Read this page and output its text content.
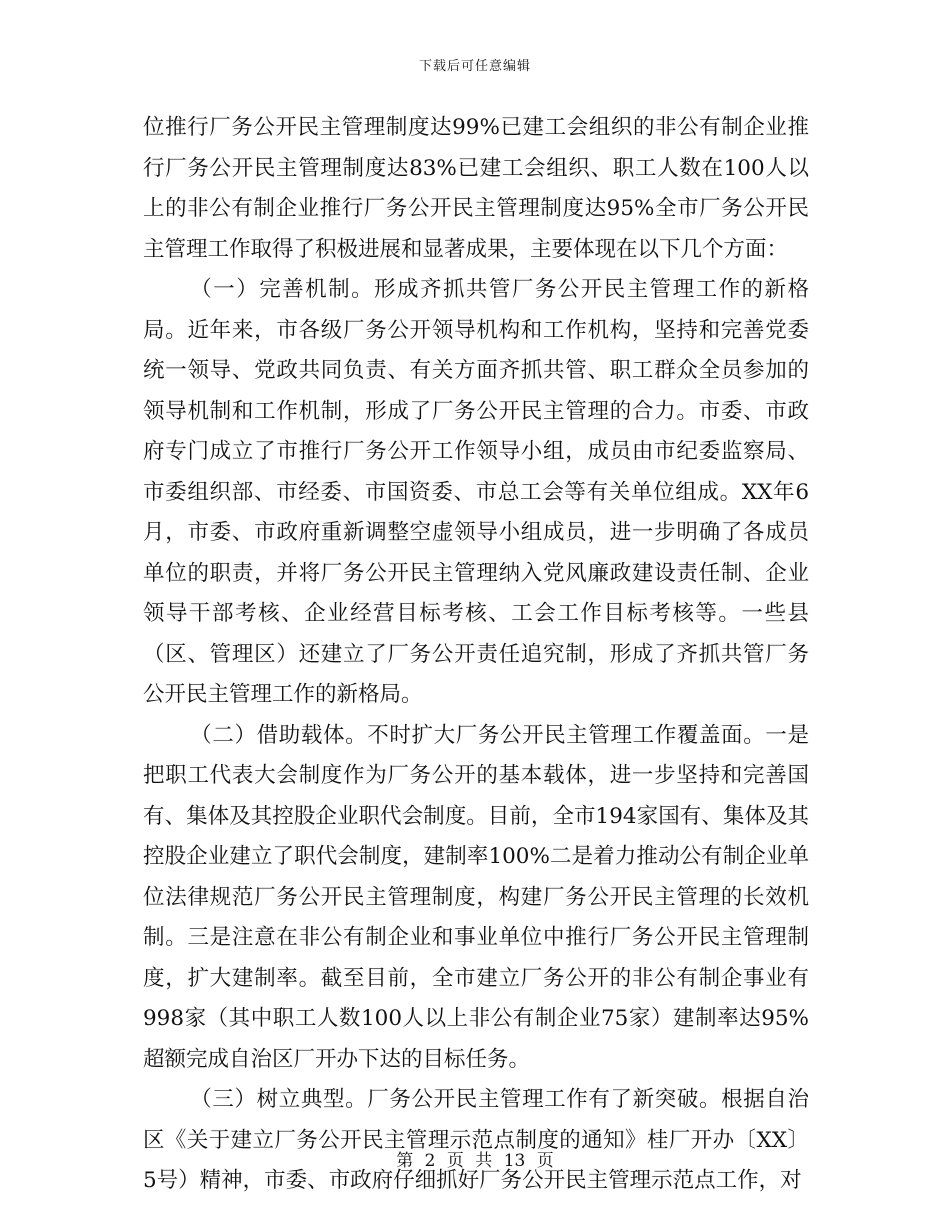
下载后可任意编辑

位推行厂务公开民主管理制度达99%已建工会组织的非公有制企业推行厂务公开民主管理制度达83%已建工会组织、职工人数在100人以上的非公有制企业推行厂务公开民主管理制度达95%全市厂务公开民主管理工作取得了积极进展和显著成果，主要体现在以下几个方面：

（一）完善机制。形成齐抓共管厂务公开民主管理工作的新格局。近年来，市各级厂务公开领导机构和工作机构，坚持和完善党委统一领导、党政共同负责、有关方面齐抓共管、职工群众全员参加的领导机制和工作机制，形成了厂务公开民主管理的合力。市委、市政府专门成立了市推行厂务公开工作领导小组，成员由市纪委监察局、市委组织部、市经委、市国资委、市总工会等有关单位组成。XX年6月，市委、市政府重新调整空虚领导小组成员，进一步明确了各成员单位的职责，并将厂务公开民主管理纳入党风廉政建设责任制、企业领导干部考核、企业经营目标考核、工会工作目标考核等。一些县（区、管理区）还建立了厂务公开责任追究制，形成了齐抓共管厂务公开民主管理工作的新格局。

（二）借助载体。不时扩大厂务公开民主管理工作覆盖面。一是把职工代表大会制度作为厂务公开的基本载体，进一步坚持和完善国有、集体及其控股企业职代会制度。目前，全市194家国有、集体及其控股企业建立了职代会制度，建制率100%二是着力推动公有制企业单位法律规范厂务公开民主管理制度，构建厂务公开民主管理的长效机制。三是注意在非公有制企业和事业单位中推行厂务公开民主管理制度，扩大建制率。截至目前，全市建立厂务公开的非公有制企事业有998家（其中职工人数100人以上非公有制企业75家）建制率达95%超额完成自治区厂开办下达的目标任务。

（三）树立典型。厂务公开民主管理工作有了新突破。根据自治区《关于建立厂务公开民主管理示范点制度的通知》桂厂开办〔XX〕5号）精神，市委、市政府仔细抓好厂务公开民主管理示范点工作，对

第 2 页 共 13 页
